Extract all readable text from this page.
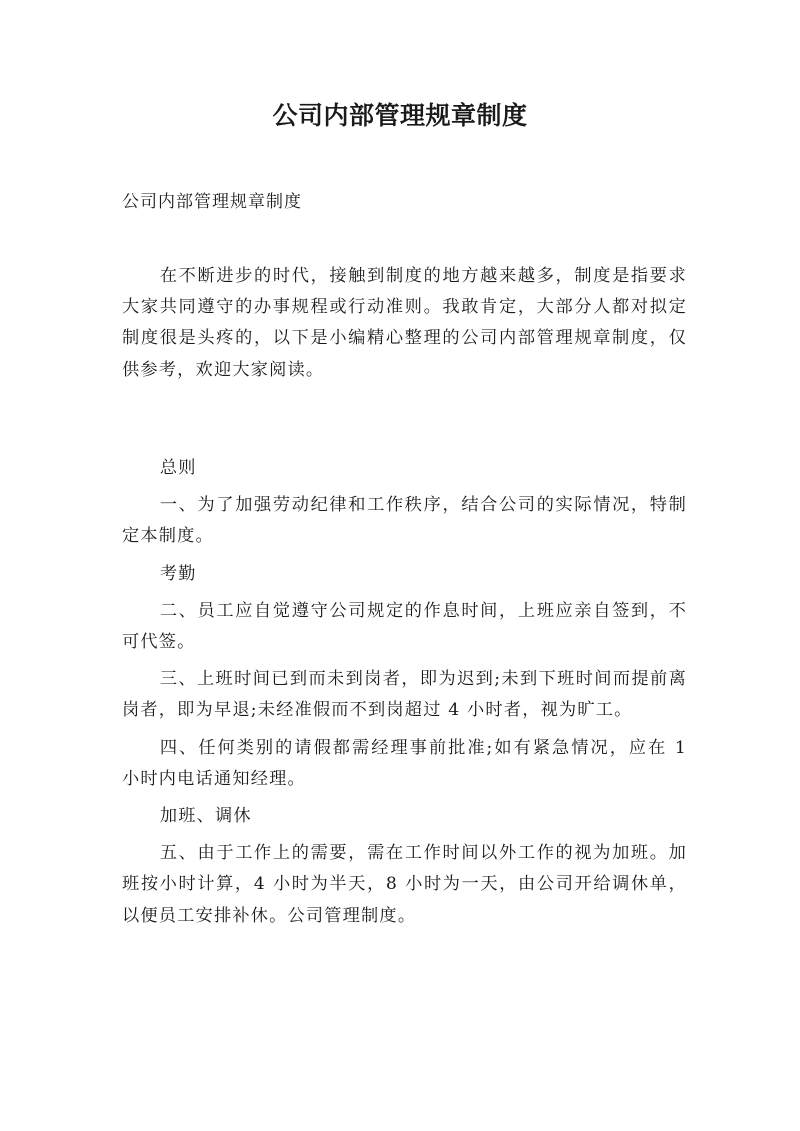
公司内部管理规章制度
公司内部管理规章制度

在不断进步的时代，接触到制度的地方越来越多，制度是指要求大家共同遵守的办事规程或行动准则。我敢肯定，大部分人都对拟定制度很是头疼的，以下是小编精心整理的公司内部管理规章制度，仅供参考，欢迎大家阅读。

总则

一、为了加强劳动纪律和工作秩序，结合公司的实际情况，特制定本制度。

考勤

二、员工应自觉遵守公司规定的作息时间，上班应亲自签到，不可代签。

三、上班时间已到而未到岗者，即为迟到;未到下班时间而提前离岗者，即为早退;未经准假而不到岗超过 4 小时者，视为旷工。

四、任何类别的请假都需经理事前批准;如有紧急情况，应在 1 小时内电话通知经理。

加班、调休

五、由于工作上的需要，需在工作时间以外工作的视为加班。加班按小时计算，4 小时为半天，8 小时为一天，由公司开给调休单，以便员工安排补休。公司管理制度。
